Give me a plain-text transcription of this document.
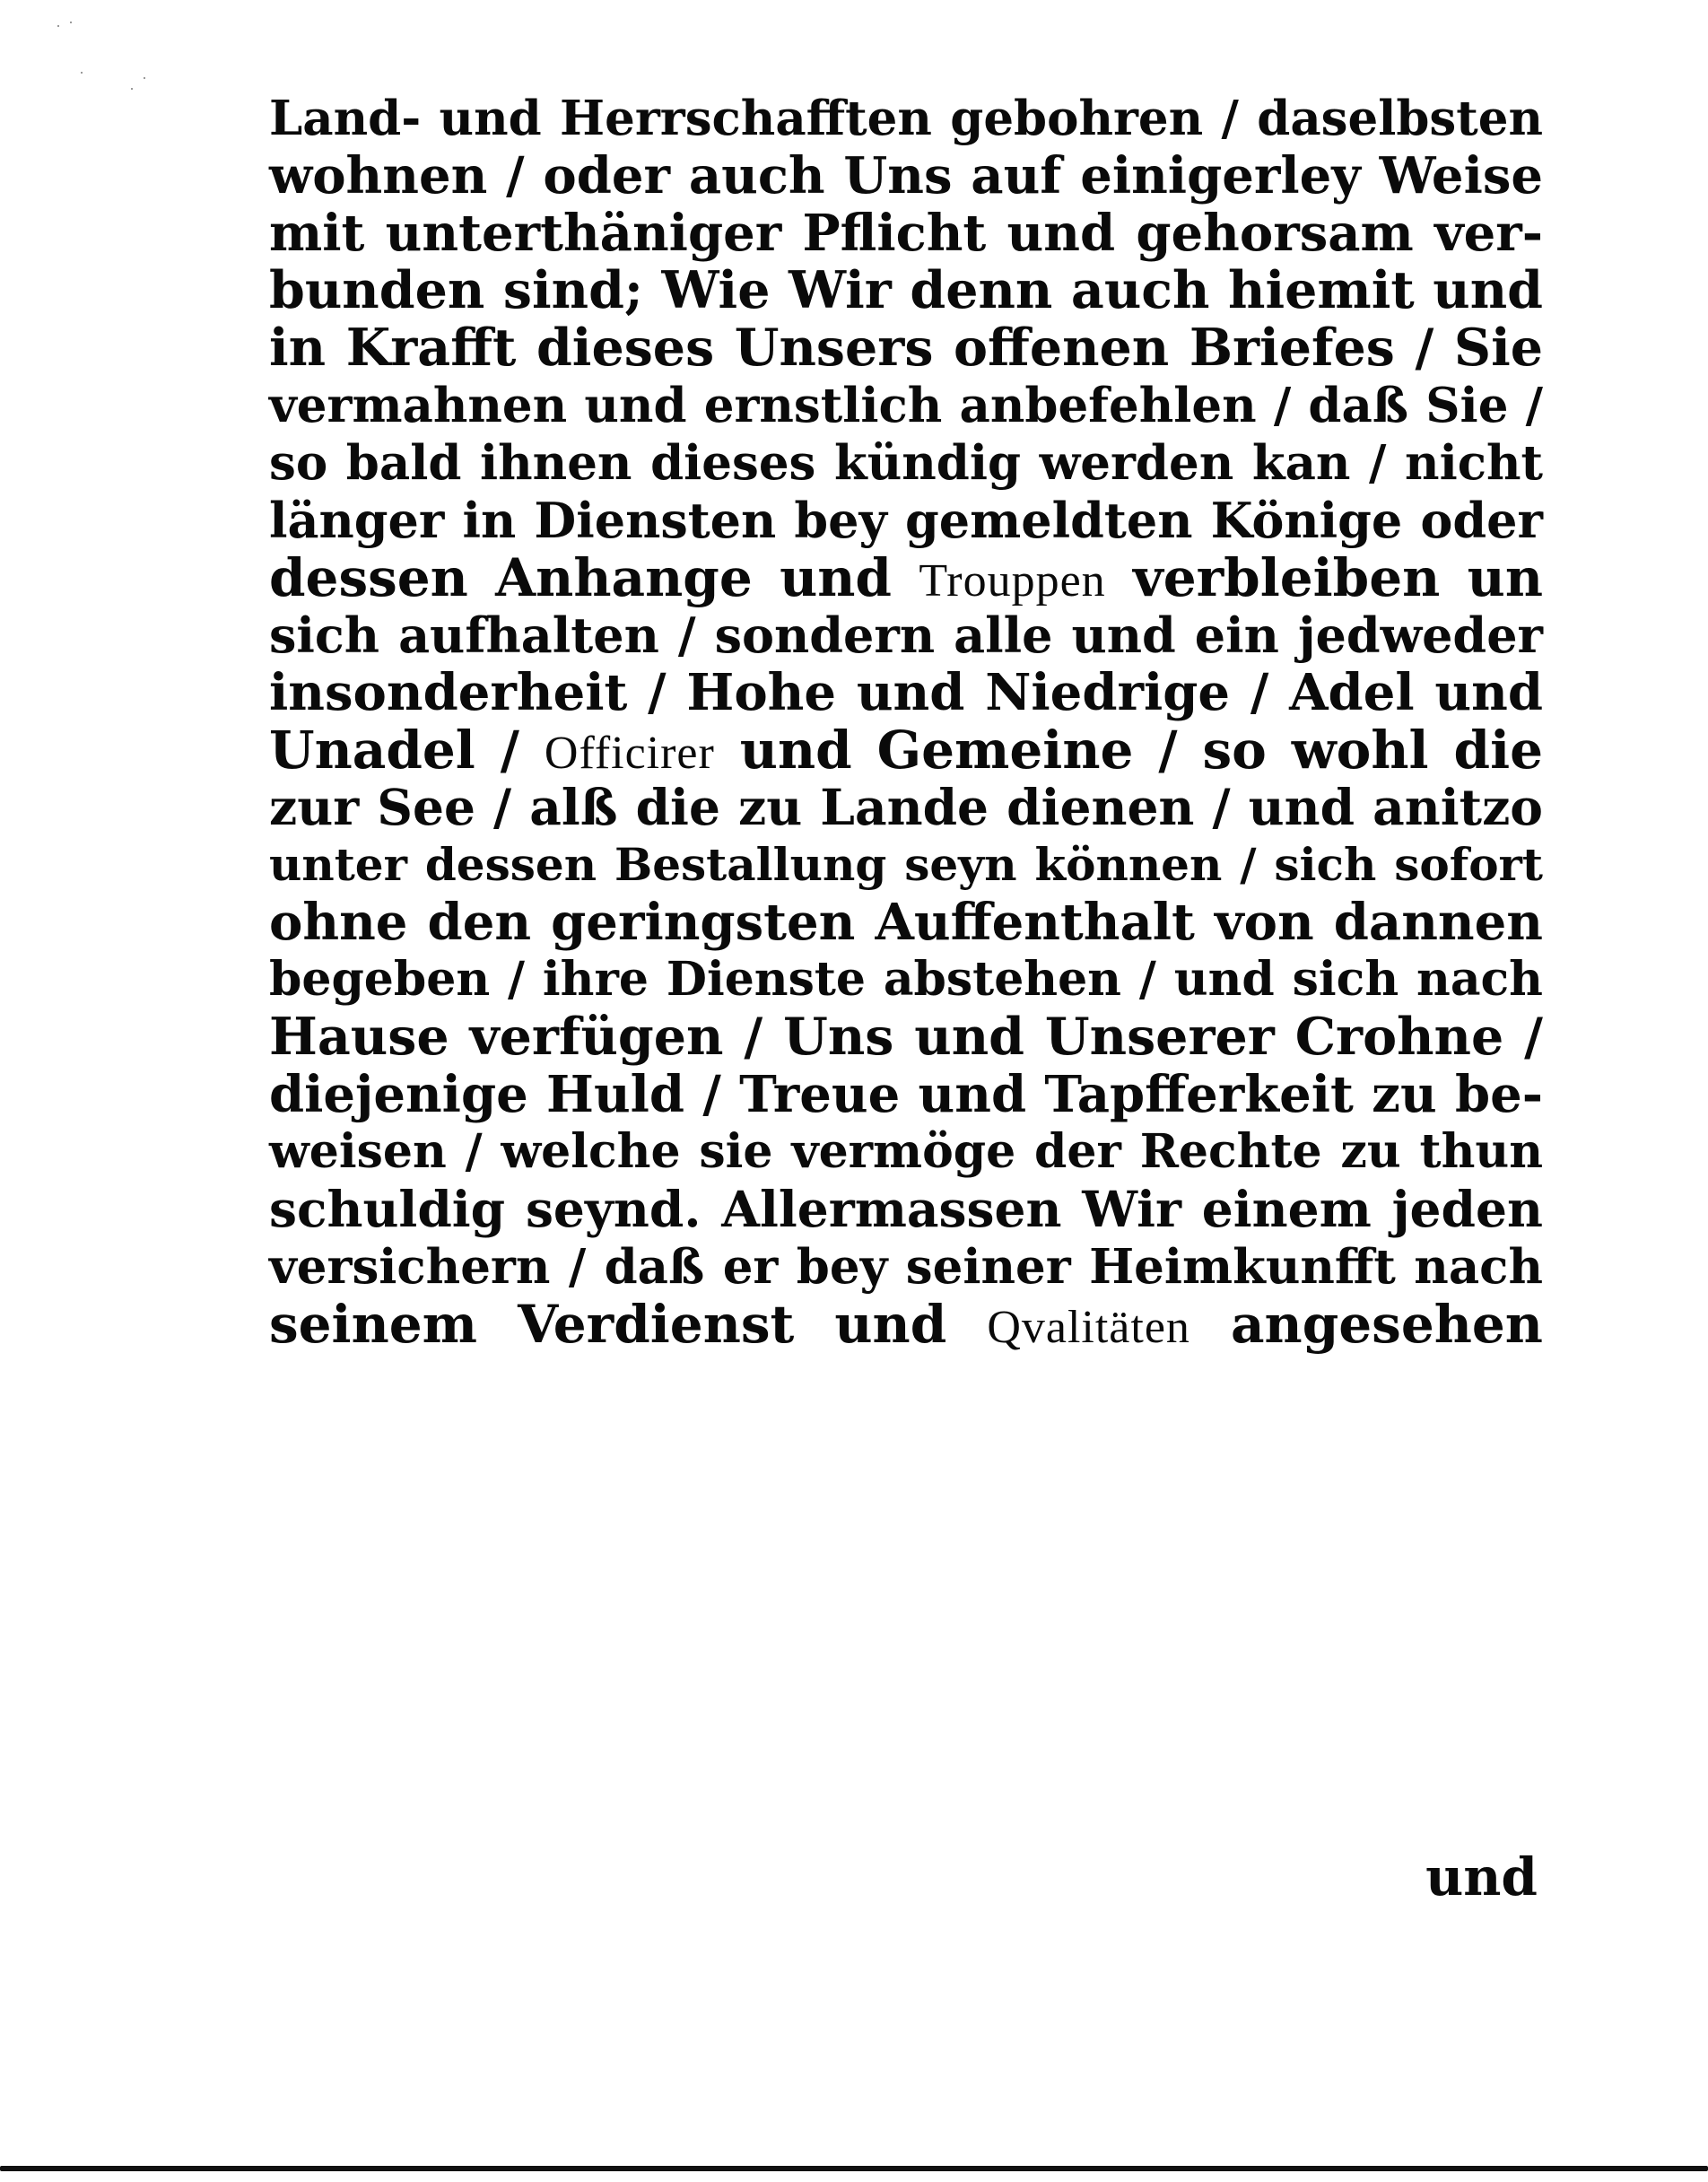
Land- und Herrschafften gebohren / daselbsten
wohnen / oder auch Uns auf einigerley Weise
mit unterthäniger Pflicht und gehorsam ver-
bunden sind; Wie Wir denn auch hiemit und
in Krafft dieses Unsers offenen Briefes / Sie
vermahnen und ernstlich anbefehlen / daß Sie /
so bald ihnen dieses kündig werden kan / nicht
länger in Diensten bey gemeldten Könige oder
dessen Anhange und Trouppen verbleiben un
sich aufhalten / sondern alle und ein jedweder
insonderheit / Hohe und Niedrige / Adel und
Unadel / Officirer und Gemeine / so wohl die
zur See / alß die zu Lande dienen / und anitzo
unter dessen Bestallung seyn können / sich sofort
ohne den geringsten Auffenthalt von dannen
begeben / ihre Dienste abstehen / und sich nach
Hause verfügen / Uns und Unserer Crohne /
diejenige Huld / Treue und Tapfferkeit zu be-
weisen / welche sie vermöge der Rechte zu thun
schuldig seynd. Allermassen Wir einem jeden
versichern / daß er bey seiner Heimkunfft nach
seinem Verdienst und Qvalitäten angesehen
und
